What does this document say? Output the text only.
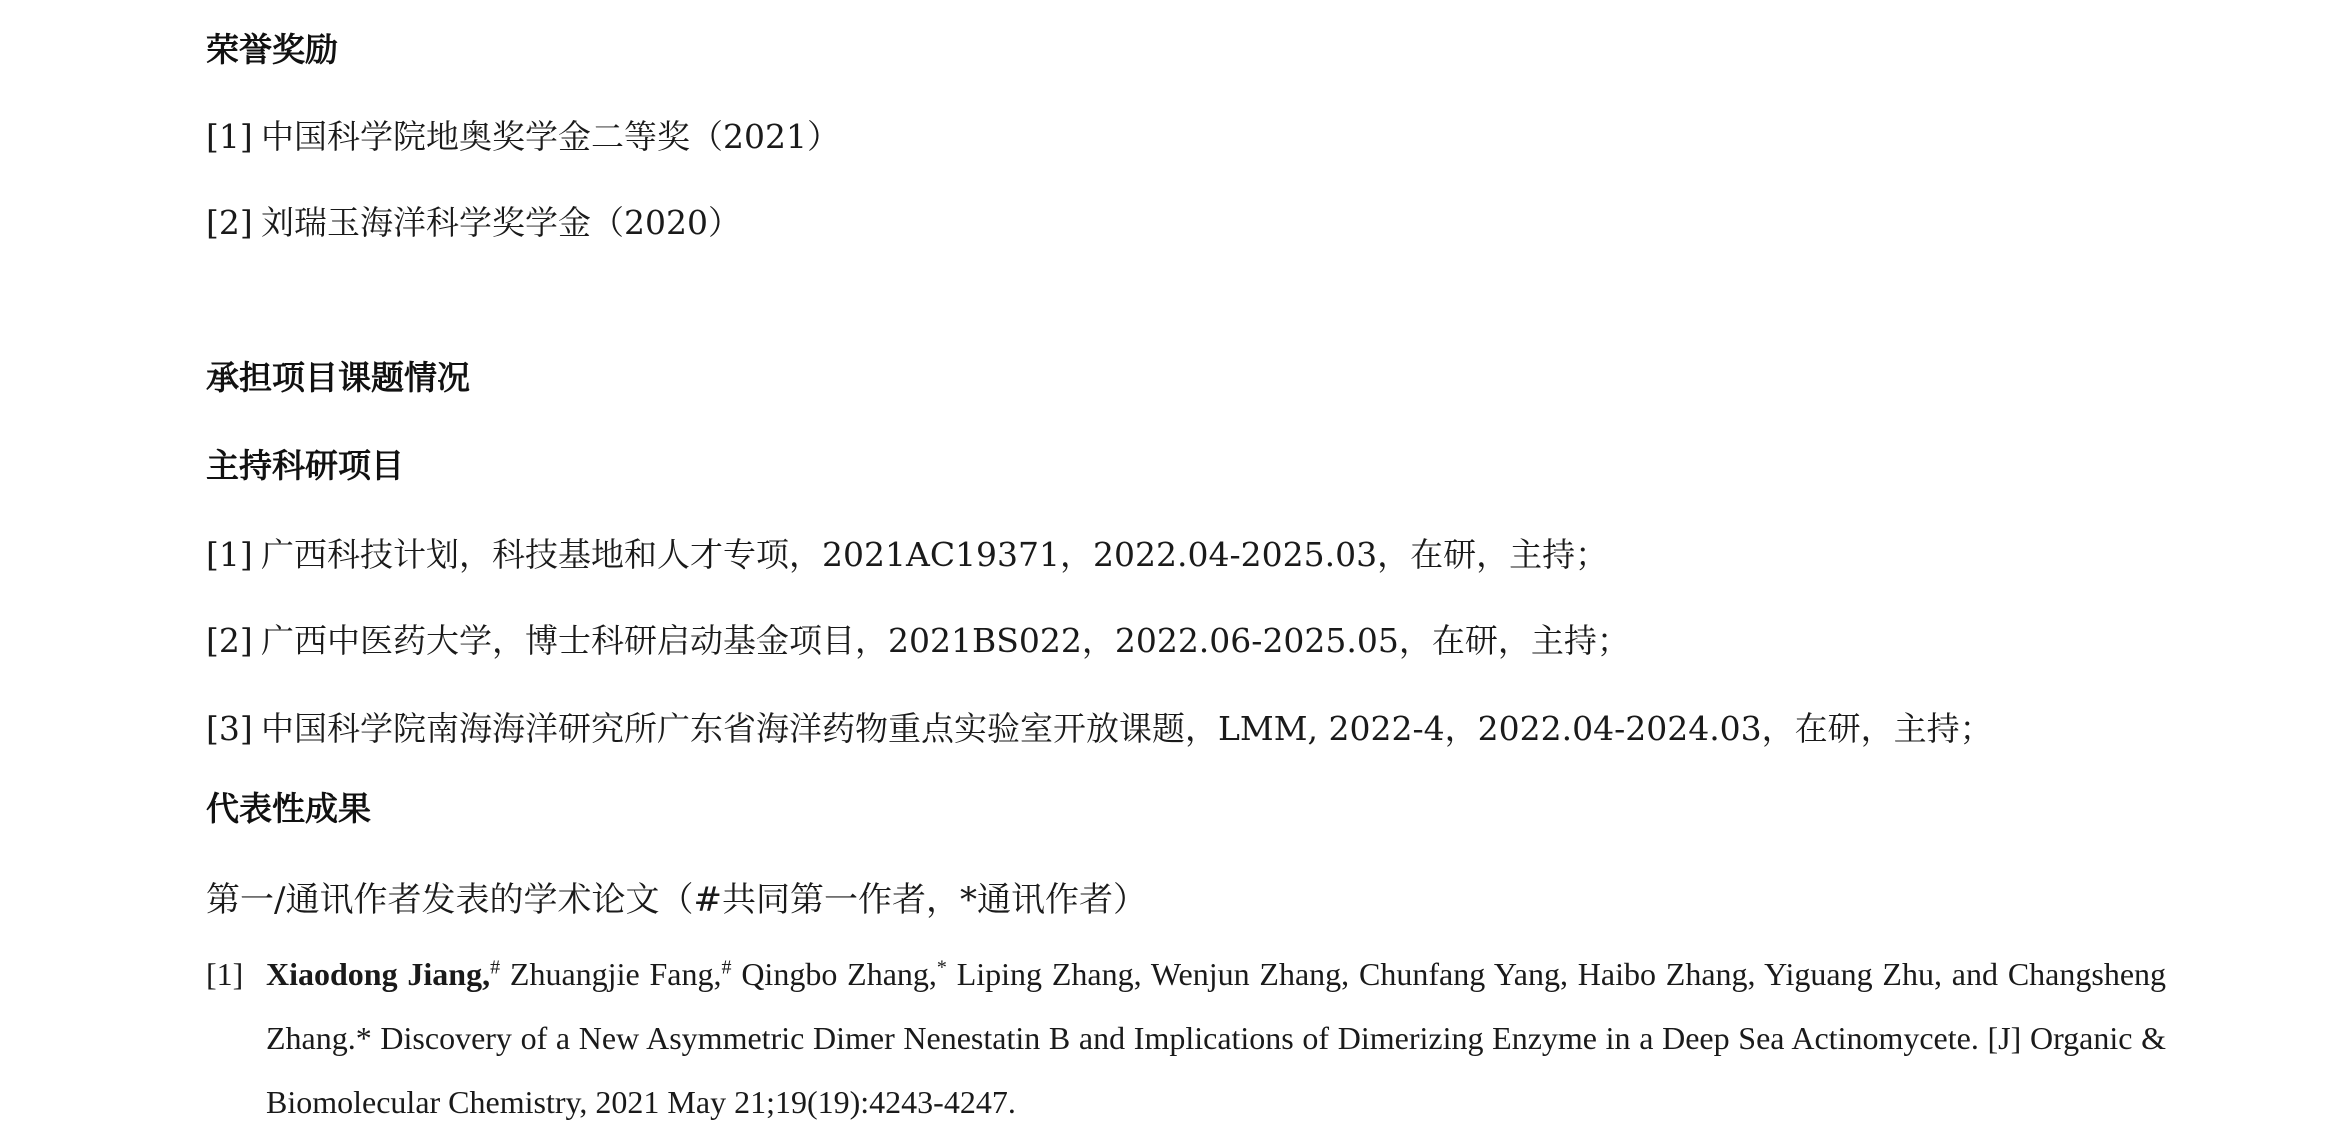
荣誉奖励
[1] 中国科学院地奥奖学金二等奖（2021）
[2] 刘瑞玉海洋科学奖学金（2020）
承担项目课题情况
主持科研项目
[1] 广西科技计划，科技基地和人才专项，2021AC19371，2022.04-2025.03，在研，主持；
[2] 广西中医药大学，博士科研启动基金项目，2021BS022，2022.06-2025.05，在研，主持；
[3] 中国科学院南海海洋研究所广东省海洋药物重点实验室开放课题，LMM, 2022-4，2022.04-2024.03，在研，主持；
代表性成果
第一/通讯作者发表的学术论文（#共同第一作者，*通讯作者）
[1] Xiaodong Jiang,# Zhuangjie Fang,# Qingbo Zhang,* Liping Zhang, Wenjun Zhang, Chunfang Yang, Haibo Zhang, Yiguang Zhu, and Changsheng Zhang.* Discovery of a New Asymmetric Dimer Nenestatin B and Implications of Dimerizing Enzyme in a Deep Sea Actinomycete. [J] Organic & Biomolecular Chemistry, 2021 May 21;19(19):4243-4247.
